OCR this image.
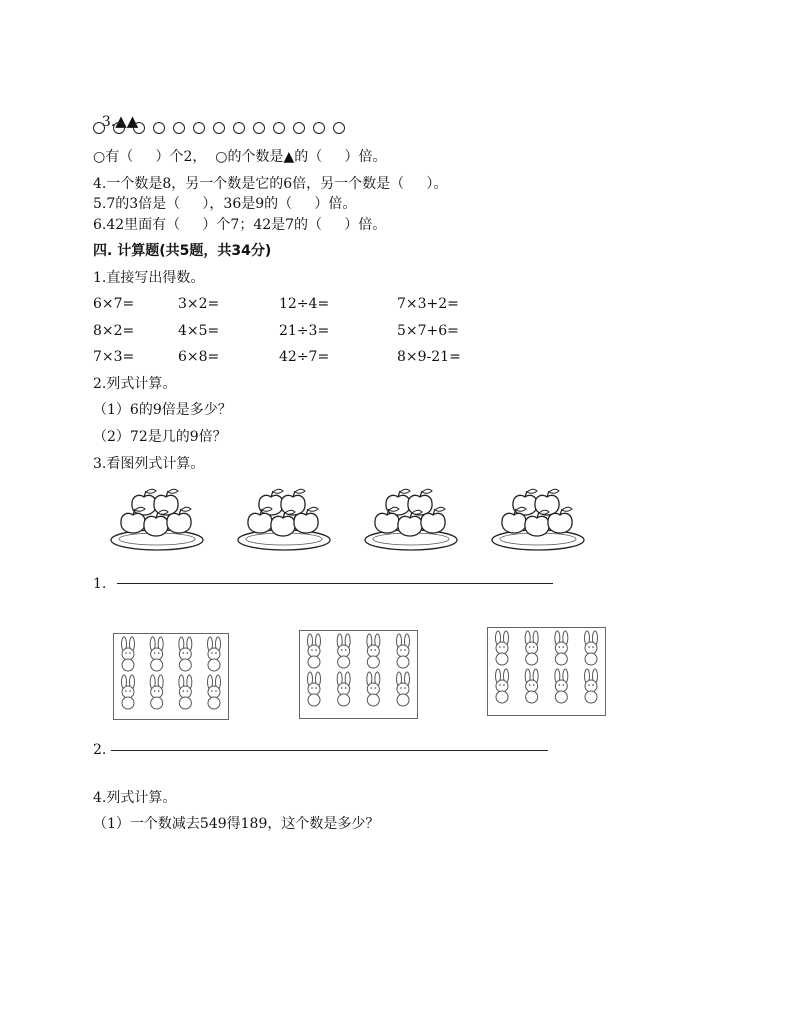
3.▲▲

○有（     ）个2，  ○的个数是▲的（     ）倍。
4.一个数是8，另一个数是它的6倍，另一个数是（     ）。
5.7的3倍是（     ），36是9的（     ）倍。
6.42里面有（     ）个7；42是7的（     ）倍。
四. 计算题(共5题，共34分)
1.直接写出得数。
6×7=	3×2=	12÷4=	7×3+2=
8×2=	4×5=	21÷3=	5×7+6=
7×3=	6×8=	42÷7=	8×9-21=
2.列式计算。
（1）6的9倍是多少？
（2）72是几的9倍？
3.看图列式计算。
1.
2.
4.列式计算。
（1）一个数减去549得189，这个数是多少？
